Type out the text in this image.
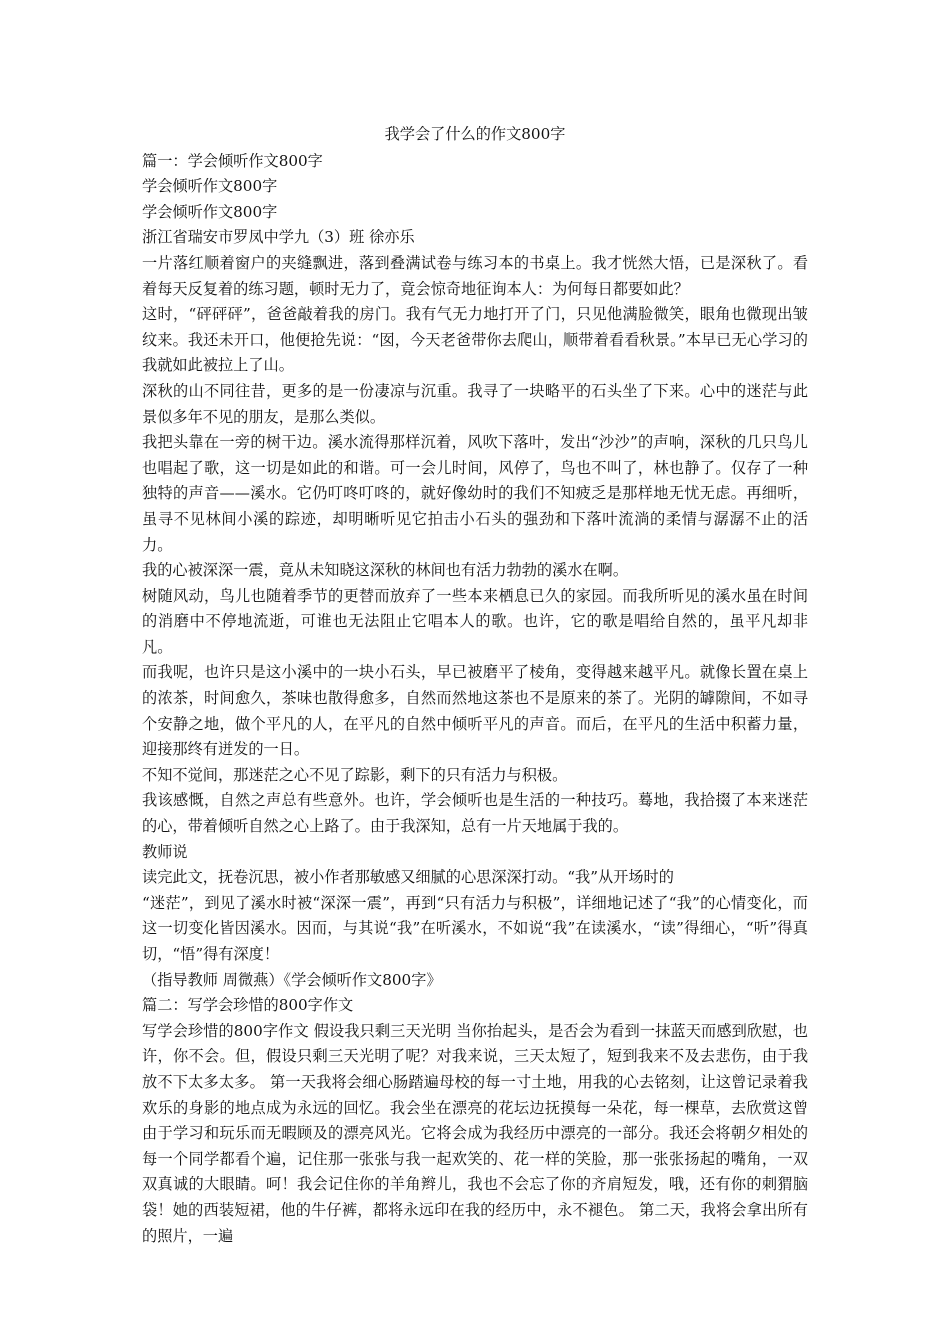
我学会了什么的作文800字
篇一：学会倾听作文800字
学会倾听作文800字
学会倾听作文800字
浙江省瑞安市罗凤中学九（3）班 徐亦乐
一片落红顺着窗户的夹缝飘进，落到叠满试卷与练习本的书桌上。我才恍然大悟，已是深秋了。看着每天反复着的练习题，顿时无力了，竟会惊奇地征询本人：为何每日都要如此？
这时，“砰砰砰”，爸爸敲着我的房门。我有气无力地打开了门，只见他满脸微笑，眼角也微现出皱纹来。我还未开口，他便抢先说：“囡，今天老爸带你去爬山，顺带着看看秋景。”本早已无心学习的我就如此被拉上了山。
深秋的山不同往昔，更多的是一份凄凉与沉重。我寻了一块略平的石头坐了下来。心中的迷茫与此景似多年不见的朋友，是那么类似。
我把头靠在一旁的树干边。溪水流得那样沉着，风吹下落叶，发出“沙沙”的声响，深秋的几只鸟儿也唱起了歌，这一切是如此的和谐。可一会儿时间，风停了，鸟也不叫了，林也静了。仅存了一种独特的声音——溪水。它仍叮咚叮咚的，就好像幼时的我们不知疲乏是那样地无忧无虑。再细听，虽寻不见林间小溪的踪迹，却明晰听见它拍击小石头的强劲和下落叶流淌的柔情与潺潺不止的活力。
我的心被深深一震，竟从未知晓这深秋的林间也有活力勃勃的溪水在啊。
树随风动，鸟儿也随着季节的更替而放弃了一些本来栖息已久的家园。而我所听见的溪水虽在时间的消磨中不停地流逝，可谁也无法阻止它唱本人的歌。也许，它的歌是唱给自然的，虽平凡却非凡。
而我呢，也许只是这小溪中的一块小石头，早已被磨平了棱角，变得越来越平凡。就像长置在桌上的浓茶，时间愈久，茶味也散得愈多，自然而然地这茶也不是原来的茶了。光阴的罅隙间，不如寻个安静之地，做个平凡的人，在平凡的自然中倾听平凡的声音。而后，在平凡的生活中积蓄力量，迎接那终有迸发的一日。
不知不觉间，那迷茫之心不见了踪影，剩下的只有活力与积极。
我该感慨，自然之声总有些意外。也许，学会倾听也是生活的一种技巧。蓦地，我拾掇了本来迷茫的心，带着倾听自然之心上路了。由于我深知，总有一片天地属于我的。
教师说
读完此文，抚卷沉思，被小作者那敏感又细腻的心思深深打动。“我”从开场时的
“迷茫”，到见了溪水时被“深深一震”，再到“只有活力与积极”，详细地记述了“我”的心情变化，而这一切变化皆因溪水。因而，与其说“我”在听溪水，不如说“我”在读溪水，“读”得细心，“听”得真切，“悟”得有深度！
（指导教师 周微燕）《学会倾听作文800字》
篇二：写学会珍惜的800字作文
写学会珍惜的800字作文 假设我只剩三天光明 当你抬起头，是否会为看到一抹蓝天而感到欣慰，也许，你不会。但，假设只剩三天光明了呢？对我来说，三天太短了，短到我来不及去悲伤，由于我放不下太多太多。 第一天我将会细心肠踏遍母校的每一寸土地，用我的心去铭刻，让这曾记录着我欢乐的身影的地点成为永远的回忆。我会坐在漂亮的花坛边抚摸每一朵花，每一棵草，去欣赏这曾由于学习和玩乐而无暇顾及的漂亮风光。它将会成为我经历中漂亮的一部分。我还会将朝夕相处的每一个同学都看个遍，记住那一张张与我一起欢笑的、花一样的笑脸，那一张张扬起的嘴角，一双双真诚的大眼睛。呵！我会记住你的羊角辫儿，我也不会忘了你的齐肩短发，哦，还有你的刺猬脑袋！她的西装短裙，他的牛仔裤，都将永远印在我的经历中，永不褪色。 第二天，我将会拿出所有的照片，一遍
